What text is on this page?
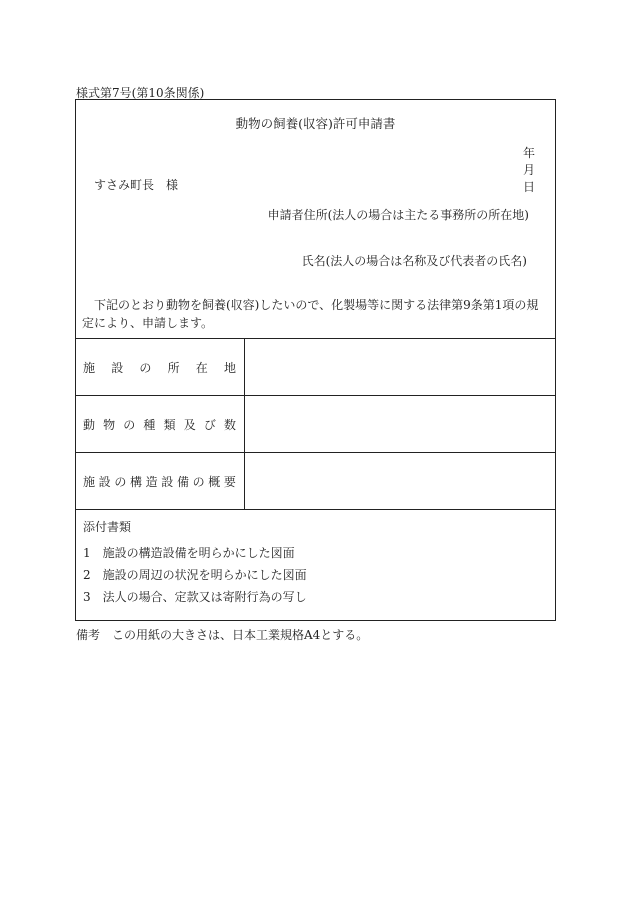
様式第7号(第10条関係)
動物の飼養(収容)許可申請書
年月日
すさみ町長　様
申請者住所(法人の場合は主たる事務所の所在地)
氏名(法人の場合は名称及び代表者の氏名)
下記のとおり動物を飼養(収容)したいので、化製場等に関する法律第9条第1項の規定により、申請します。
施 設 の 所 在 地
動 物 の 種 類 及 び 数
施 設 の 構 造 設 備 の 概 要
添付書類
1　施設の構造設備を明らかにした図面
2　施設の周辺の状況を明らかにした図面
3　法人の場合、定款又は寄附行為の写し
備考　この用紙の大きさは、日本工業規格A4とする。
